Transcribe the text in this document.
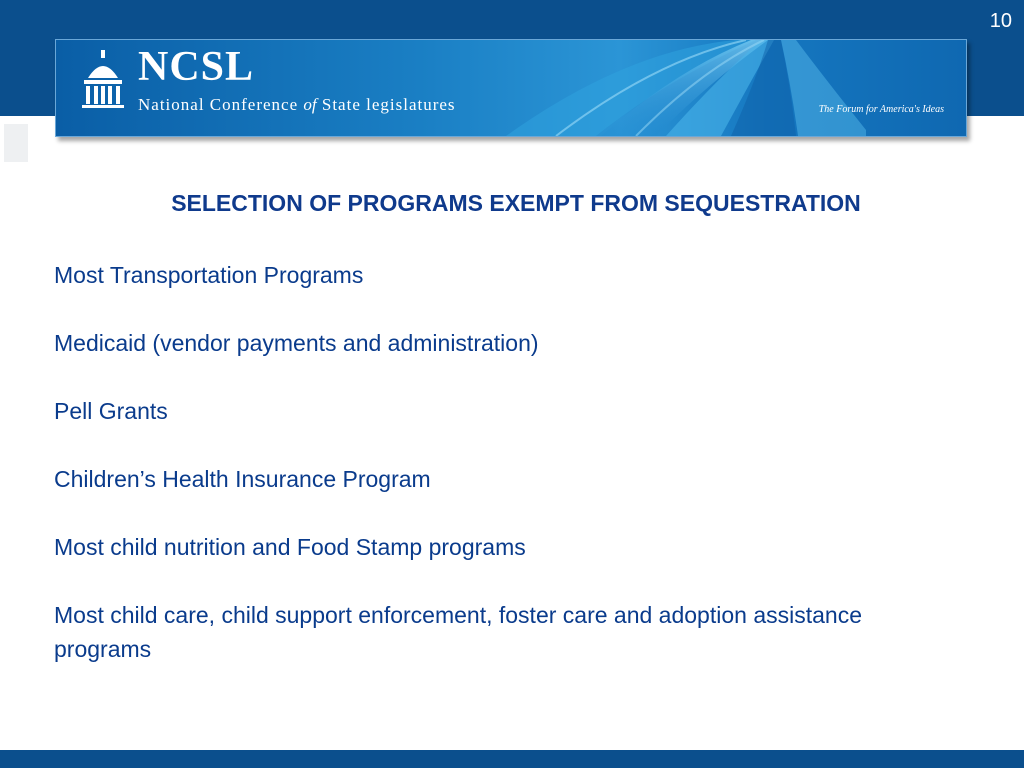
10
NCSL
National Conference of State legislatures	The Forum for America's Ideas
SELECTION OF PROGRAMS EXEMPT FROM SEQUESTRATION
Most Transportation Programs
Medicaid (vendor payments and administration)
Pell Grants
Children’s Health Insurance Program
Most child nutrition and Food Stamp programs
Most child care, child support enforcement, foster care and adoption assistance programs
